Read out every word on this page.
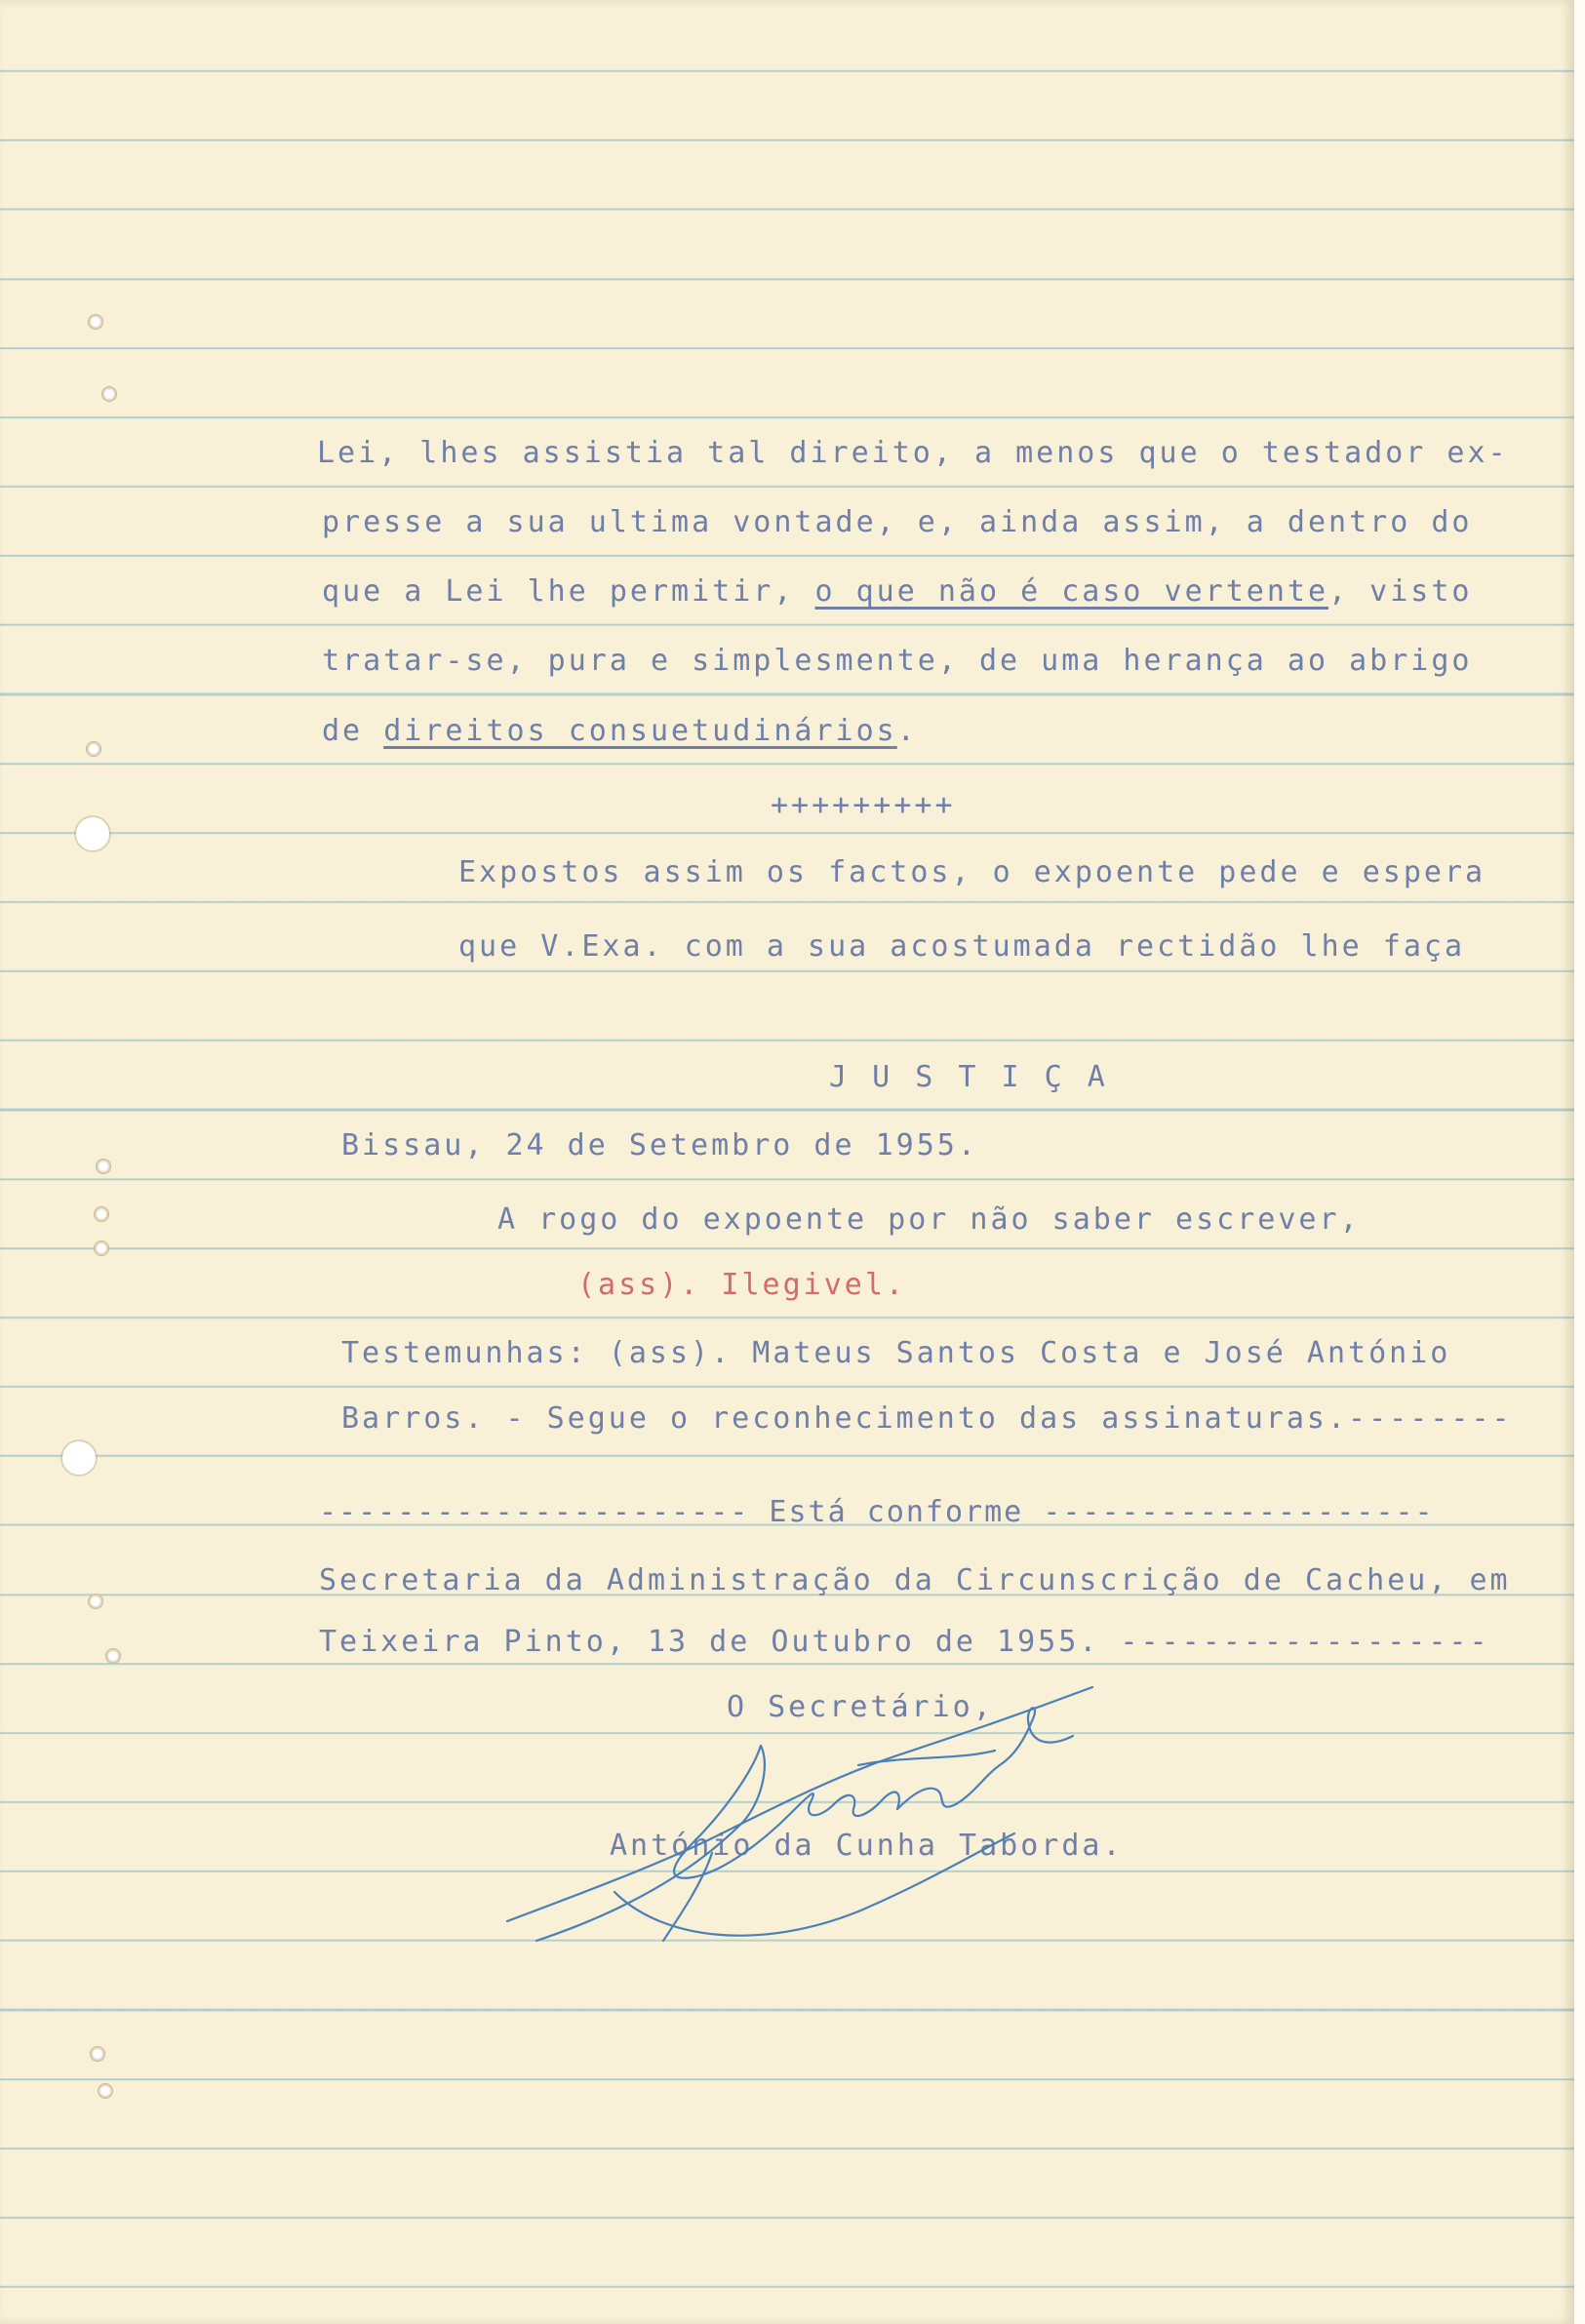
Lei, lhes assistia tal direito, a menos que o testador ex-
presse a sua ultima vontade, e, ainda assim, a dentro do
que a Lei lhe permitir, o que não é caso vertente, visto
tratar-se, pura e simplesmente, de uma herança ao abrigo
de direitos consuetudinários.
+++++++++
Expostos assim os factos, o expoente pede e espera
que V.Exa. com a sua acostumada rectidão lhe faça
J U S T I Ç A
Bissau, 24 de Setembro de 1955.
A rogo do expoente por não saber escrever,
(ass). Ilegivel.
Testemunhas: (ass). Mateus Santos Costa e José António
Barros. - Segue o reconhecimento das assinaturas.--------
---------------------- Está conforme --------------------
Secretaria da Administração da Circunscrição de Cacheu, em
Teixeira Pinto, 13 de Outubro de 1955. ------------------
O Secretário,
António da Cunha Taborda.
